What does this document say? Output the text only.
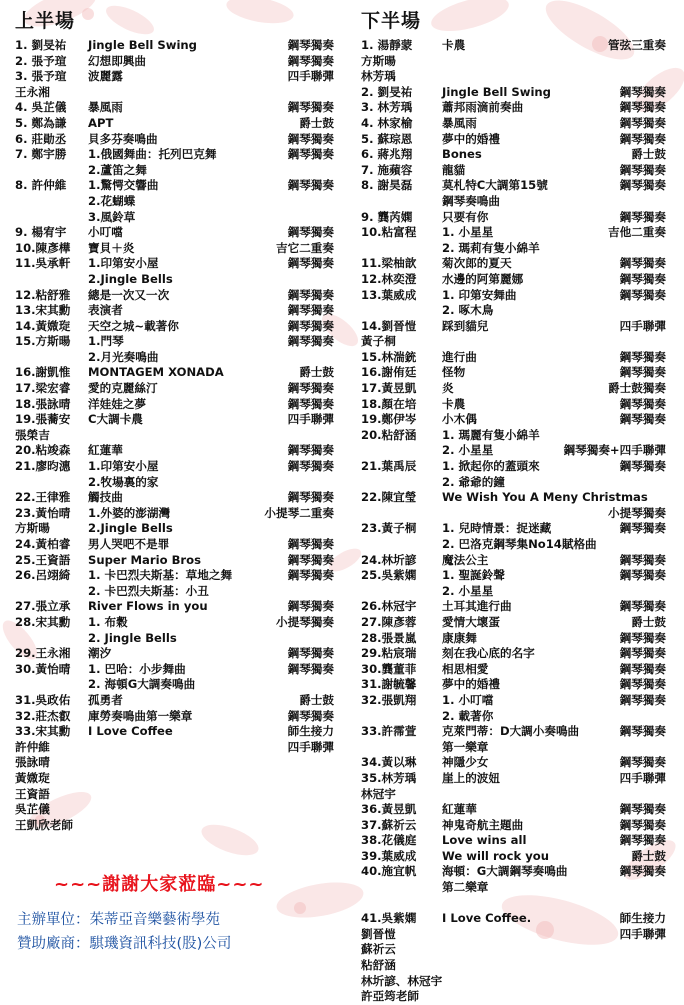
上半場
1. 劉旻祐 Jingle Bell Swing	鋼琴獨奏
2. 張予瑄 幻想即興曲	鋼琴獨奏
3. 張予瑄 波麗露	四手聯彈
王永湘
4. 吳芷儀 暴風雨	鋼琴獨奏
5. 鄭為謙 APT	爵士鼓
6. 莊勛丞 貝多芬奏鳴曲	鋼琴獨奏
7. 鄭宇勝 1.俄國舞曲：托列巴克舞	鋼琴獨奏
2.蘆笛之舞
8. 許仲維 1.驚愕交響曲	鋼琴獨奏
2.花蝴蝶
3.風鈴草
9. 楊宥宇 小叮噹	鋼琴獨奏
10.陳彥樺 寶貝＋炎	吉它二重奏
11.吳承軒 1.印第安小屋	鋼琴獨奏
2.Jingle Bells
12.粘舒雅 總是一次又一次	鋼琴獨奏
13.宋其勳 表演者	鋼琴獨奏
14.黃媺琁 天空之城~載著你	鋼琴獨奏
15.方斯暘 1.門琴	鋼琴獨奏
2.月光奏鳴曲
16.謝凱惟 MONTAGEM XONADA	爵士鼓
17.梁宏睿 愛的克麗絲汀	鋼琴獨奏
18.張詠晴 洋娃娃之夢	鋼琴獨奏
19.張蕎安 C大調卡農	四手聯彈
張榮吉
20.粘竣森 紅蓮華	鋼琴獨奏
21.廖昀潓 1.印第安小屋	鋼琴獨奏
2.牧場裏的家
22.王律雅 觸技曲	鋼琴獨奏
23.黃怡晴 1.外婆的澎湖灣	小提琴二重奏
方斯暘	2.Jingle Bells
24.黃柏睿 男人哭吧不是罪	鋼琴獨奏
25.王資語 Super Mario Bros	鋼琴獨奏
26.呂翊綺 1. 卡巴烈夫斯基：草地之舞	鋼琴獨奏
2. 卡巴烈夫斯基：小丑
27.張立承 River Flows in you	鋼琴獨奏
28.宋其勳 1. 布穀	小提琴獨奏
2. Jingle Bells
29.王永湘 潮汐	鋼琴獨奏
30.黃怡晴 1. 巴哈：小步舞曲	鋼琴獨奏
2. 海頓G大調奏鳴曲
31.吳政佑 孤勇者	爵士鼓
32.莊杰叡 庫勞奏鳴曲第一樂章	鋼琴獨奏
33.宋其勳 I Love Coffee	師生接力
許仲維	四手聯彈
張詠晴
黃媺琁
王資語
吳芷儀
王凱欣老師
下半場
1. 湯靜蒙	卡農	管弦三重奏
方斯暘
林芳瑀
2. 劉旻祐	Jingle Bell Swing	鋼琴獨奏
3. 林芳瑀	蕭邦雨滴前奏曲	鋼琴獨奏
4. 林家榆	暴風雨	鋼琴獨奏
5. 蘇琮恩	夢中的婚禮	鋼琴獨奏
6. 蔣兆翔	Bones	爵士鼓
7. 施蘋容	龍貓	鋼琴獨奏
8. 謝昊磊	莫札特C大調第15號	鋼琴獨奏
鋼琴奏鳴曲
9. 龔芮嫻	只要有你	鋼琴獨奏
10.粘富程 1. 小星星	吉他二重奏
2. 瑪莉有隻小綿羊
11.梁柚歆 菊次郎的夏天	鋼琴獨奏
12.林奕澄 水邊的阿第麗娜	鋼琴獨奏
13.葉威成 1. 印第安舞曲	鋼琴獨奏
2. 啄木鳥
14.劉晉愷 踩到貓兒	四手聯彈
黃子桐
15.林湍銃 進行曲	鋼琴獨奏
16.謝侑廷 怪物	鋼琴獨奏
17.黃昱凱 炎	爵士鼓獨奏
18.顏在培 卡農	鋼琴獨奏
19.鄭伊岑 小木偶	鋼琴獨奏
20.粘舒涵 1. 瑪麗有隻小綿羊
2. 小星星	鋼琴獨奏+四手聯彈
21.葉禹辰 1. 掀起你的蓋頭來	鋼琴獨奏
2. 爺爺的鐘
22.陳宜瑩 We Wish You A Meny Christmas
小提琴獨奏
23.黃子桐 1. 兒時情景：捉迷藏	鋼琴獨奏
2. 巴洛克鋼琴集No14賦格曲
24.林圻諺 魔法公主	鋼琴獨奏
25.吳紫嫻 1. 聖誕鈴聲	鋼琴獨奏
2. 小星星
26.林冠宇 土耳其進行曲	鋼琴獨奏
27.陳彥蓉 愛情大壞蛋	爵士鼓
28.張景嵐 康康舞	鋼琴獨奏
29.粘宸瑞 刻在我心底的名字	鋼琴獨奏
30.龔董菲 相思相愛	鋼琴獨奏
31.謝毓馨 夢中的婚禮	鋼琴獨奏
32.張凱翔 1. 小叮噹	鋼琴獨奏
2. 載著你
33.許霈萱 克萊門蒂：D大調小奏鳴曲	鋼琴獨奏
第一樂章
34.黃以琳 神隱少女	鋼琴獨奏
35.林芳瑀 崖上的波妞	四手聯彈
林冠宇
36.黃昱凱 紅蓮華	鋼琴獨奏
37.蘇祈云 神鬼奇航主題曲	鋼琴獨奏
38.花儀庭 Love wins all	鋼琴獨奏
39.葉威成 We will rock you	爵士鼓
40.施宜帆 海頓：G大調鋼琴奏鳴曲	鋼琴獨奏
第二樂章
41.吳紫嫻 I Love Coffee.	師生接力
劉晉愷	四手聯彈
蘇祈云
粘舒涵
林圻諺、林冠宇
許亞筠老師
~~~謝謝大家蒞臨~~~
主辦單位：茱蒂亞音樂藝術學苑
贊助廠商：騏璣資訊科技(股)公司
